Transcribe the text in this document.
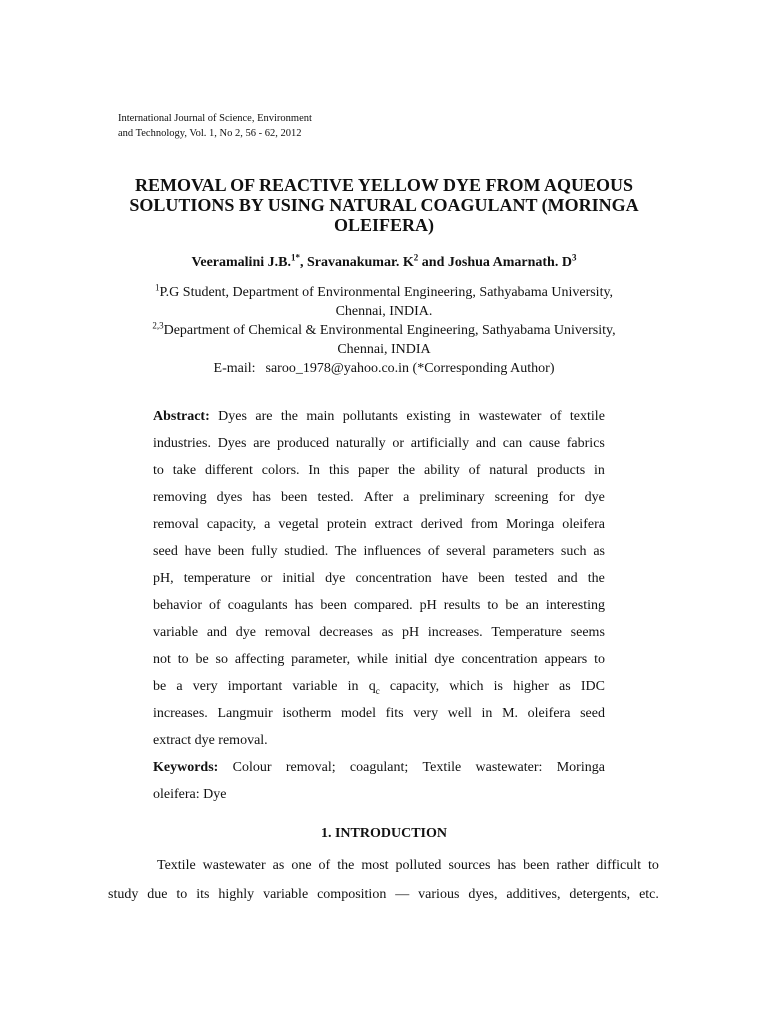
International Journal of Science, Environment
and Technology, Vol. 1, No 2, 56 - 62, 2012
REMOVAL OF REACTIVE YELLOW DYE FROM AQUEOUS
SOLUTIONS BY USING NATURAL COAGULANT (MORINGA
OLEIFERA)
Veeramalini J.B.$^{1*}$, Sravanakumar. $K^2$ and Joshua Amarnath. $D^3$
$^1$P.G Student, Department of Environmental Engineering, Sathyabama University,
Chennai, INDIA.
$^{2,3}$Department of Chemical & Environmental Engineering, Sathyabama University,
Chennai, INDIA
E-mail: saroo_1978@yahoo.co.in (*Corresponding Author)
Abstract: Dyes are the main pollutants existing in wastewater of textile
industries. Dyes are produced naturally or artificially and can cause fabrics
to take different colors. In this paper the ability of natural products in
removing dyes has been tested. After a preliminary screening for dye
removal capacity, a vegetal protein extract derived from Moringa oleifera
seed have been fully studied. The influences of several parameters such as
pH, temperature or initial dye concentration have been tested and the
behavior of coagulants has been compared. pH results to be an interesting
variable and dye removal decreases as pH increases. Temperature seems
not to be so affecting parameter, while initial dye concentration appears to
be a very important variable in $q_c$ capacity, which is higher as IDC
increases. Langmuir isotherm model fits very well in M. oleifera seed
extract dye removal.
Keywords: Colour removal; coagulant; Textile wastewater: Moringa
oleifera: Dye
1. INTRODUCTION
Textile wastewater as one of the most polluted sources has been rather difficult to
study due to its highly variable composition — various dyes, additives, detergents, etc.
